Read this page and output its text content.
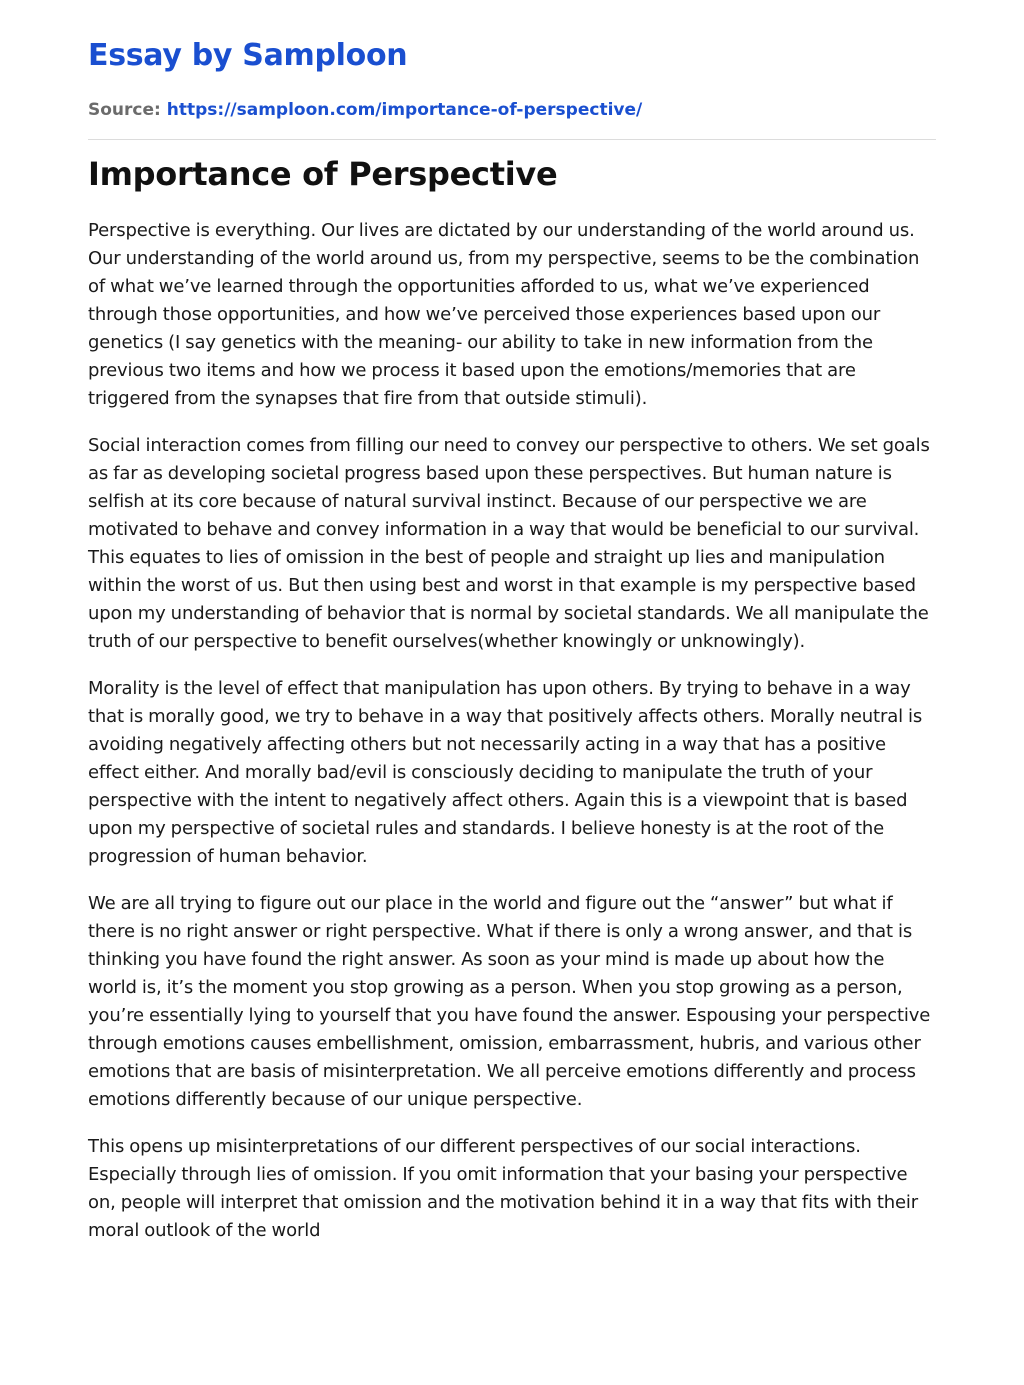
Essay by Samploon
Source: https://samploon.com/importance-of-perspective/
Importance of Perspective

Perspective is everything. Our lives are dictated by our understanding of the world around us. Our understanding of the world around us, from my perspective, seems to be the combination of what we’ve learned through the opportunities afforded to us, what we’ve experienced through those opportunities, and how we’ve perceived those experiences based upon our genetics (I say genetics with the meaning- our ability to take in new information from the previous two items and how we process it based upon the emotions/memories that are triggered from the synapses that fire from that outside stimuli).

Social interaction comes from filling our need to convey our perspective to others. We set goals as far as developing societal progress based upon these perspectives. But human nature is selfish at its core because of natural survival instinct. Because of our perspective we are motivated to behave and convey information in a way that would be beneficial to our survival. This equates to lies of omission in the best of people and straight up lies and manipulation within the worst of us. But then using best and worst in that example is my perspective based upon my understanding of behavior that is normal by societal standards. We all manipulate the truth of our perspective to benefit ourselves(whether knowingly or unknowingly).

Morality is the level of effect that manipulation has upon others. By trying to behave in a way that is morally good, we try to behave in a way that positively affects others. Morally neutral is avoiding negatively affecting others but not necessarily acting in a way that has a positive effect either. And morally bad/evil is consciously deciding to manipulate the truth of your perspective with the intent to negatively affect others. Again this is a viewpoint that is based upon my perspective of societal rules and standards. I believe honesty is at the root of the progression of human behavior.

We are all trying to figure out our place in the world and figure out the “answer” but what if there is no right answer or right perspective. What if there is only a wrong answer, and that is thinking you have found the right answer. As soon as your mind is made up about how the world is, it’s the moment you stop growing as a person. When you stop growing as a person, you’re essentially lying to yourself that you have found the answer. Espousing your perspective through emotions causes embellishment, omission, embarrassment, hubris, and various other emotions that are basis of misinterpretation. We all perceive emotions differently and process emotions differently because of our unique perspective.

This opens up misinterpretations of our different perspectives of our social interactions. Especially through lies of omission. If you omit information that your basing your perspective on, people will interpret that omission and the motivation behind it in a way that fits with their moral outlook of the world
